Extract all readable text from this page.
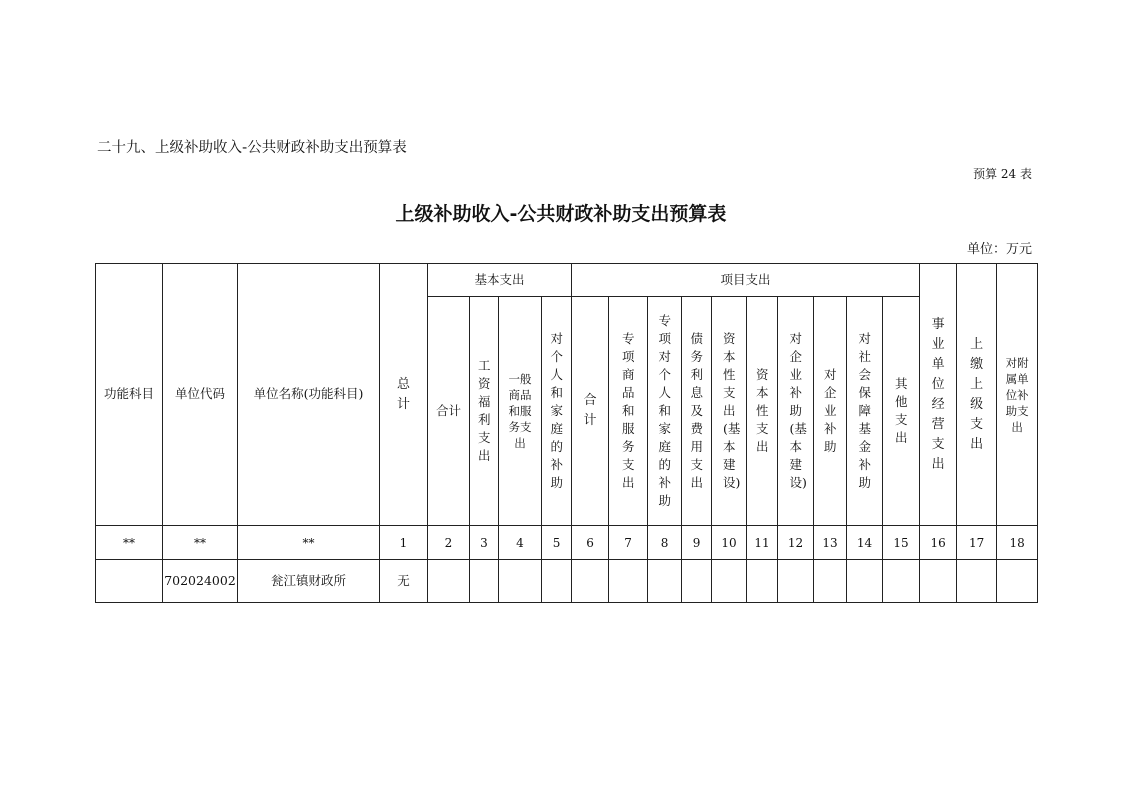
二十九、上级补助收入-公共财政补助支出预算表
预算 24 表
上级补助收入-公共财政补助支出预算表
单位：万元
功能科目	单位代码	单位名称(功能科目)	总计	基本支出				项目支出										事业单位经营支出	上缴上级支出	对附属单位补助支出
				合计	工资福利支出	一般商品和服务支出	对个人和家庭的补助	合计	专项商品和服务支出	专项对个人和家庭的补助	债务利息及费用支出	资本性支出(基本建设)	资本性支出	对企业补助(基本建设)	对企业补助	对社会保障基金补助	其他支出			
**	**	**	1	2	3	4	5	6	7	8	9	10	11	12	13	14	15	16	17	18
	702024002	瓮江镇财政所	无																	
